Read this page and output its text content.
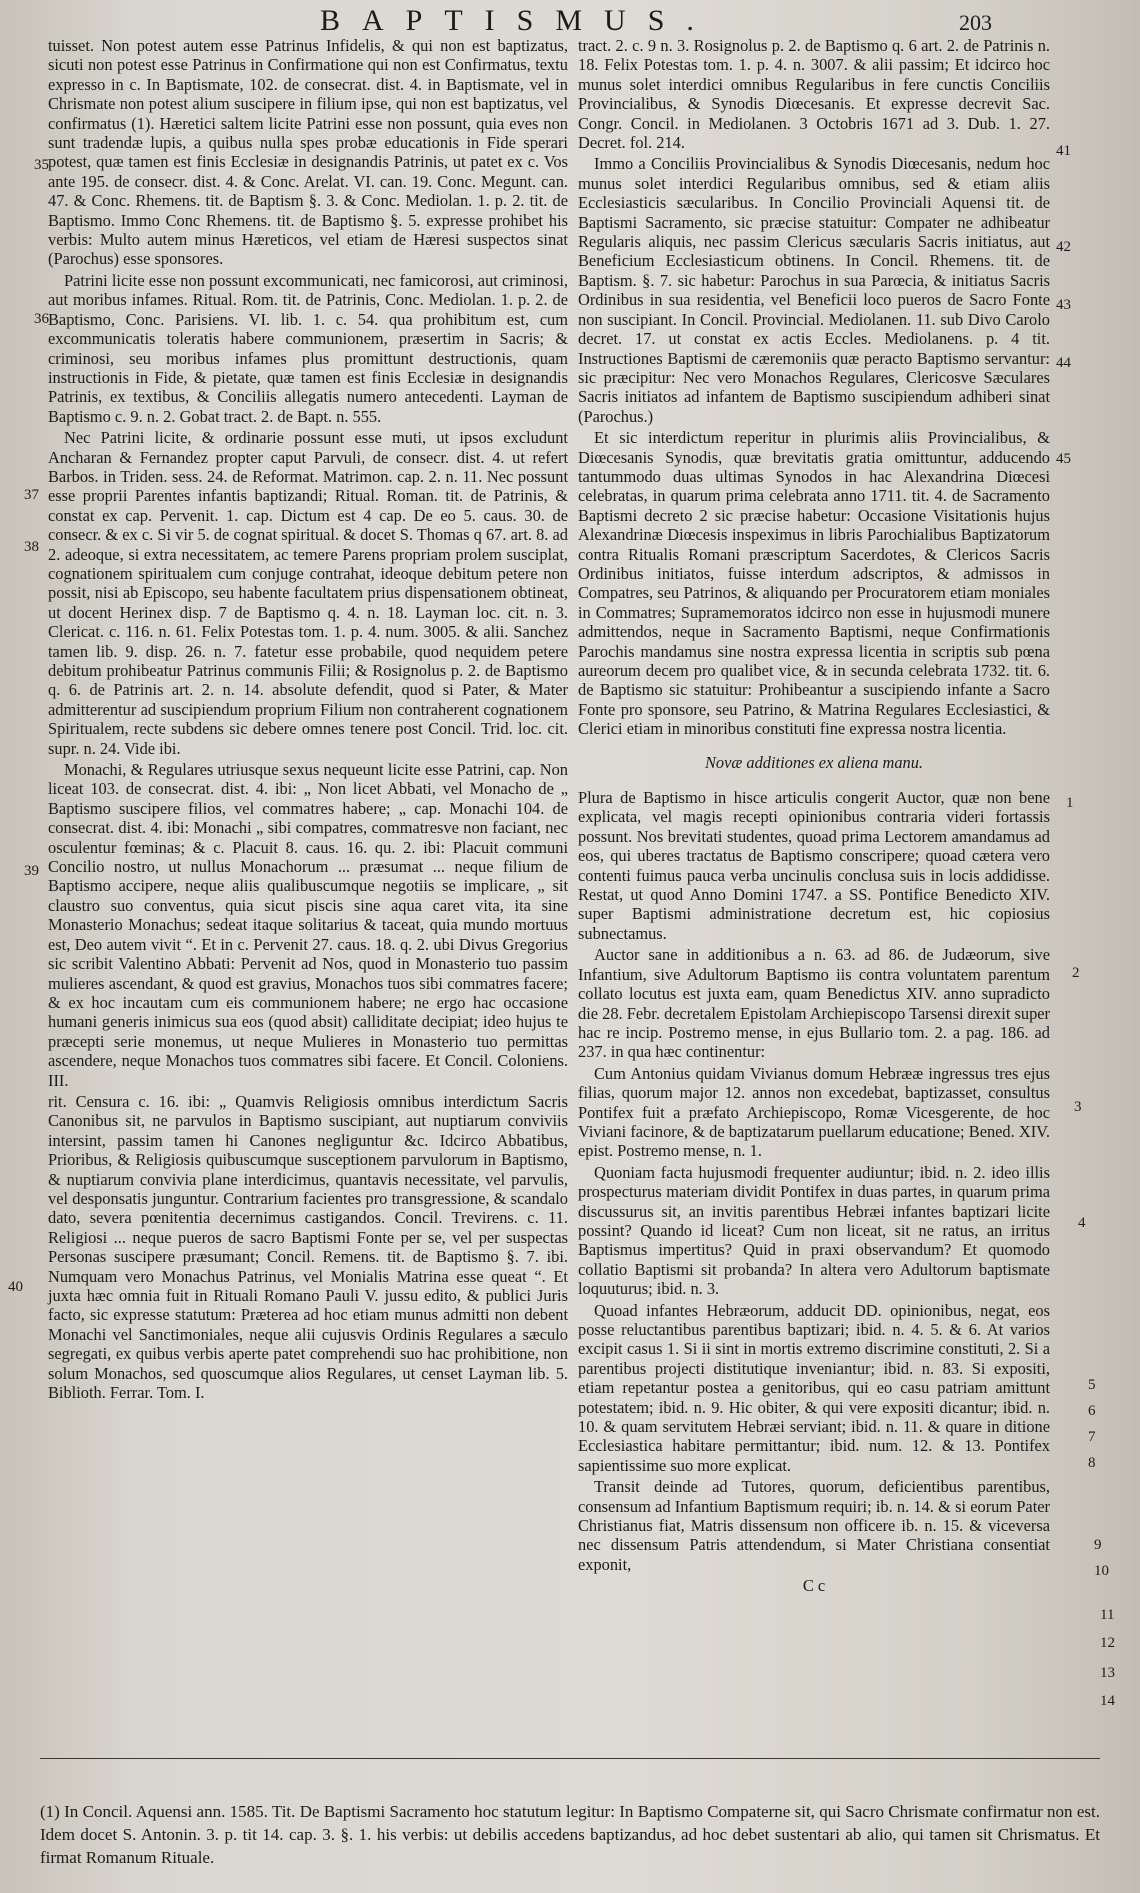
BAPTISMUS.	203

tuisset. Non potest autem esse Patrinus Infidelis, & qui non est baptizatus, sicuti non potest esse Patrinus in Confirmatione qui non est Confirmatus, textu expresso in c. In Baptismate, 102. de consecrat. dist. 4. in Baptismate, vel in Chrismate non potest alium suscipere in filium ipse, qui non est baptizatus, vel confirmatus (1). Hæretici saltem licite Patrini esse non possunt, quia eves non sunt tradendæ lupis, a quibus nulla spes probæ educationis in Fide sperari potest, quæ tamen est finis Ecclesiæ in designandis Patrinis, ut patet ex c. Vos ante 195. de consecr. dist. 4. & Conc. Arelat. VI. can. 19. Conc. Megunt. can. 47. & Conc. Rhemens. tit. de Baptism §. 3. & Conc. Mediolan. 1. p. 2. tit. de Baptismo. Immo Conc Rhemens. tit. de Baptismo §. 5. expresse prohibet his verbis: Multo autem minus Hæreticos, vel etiam de Hæresi suspectos sinat (Parochus) esse sponsores.

Patrini licite esse non possunt excommunicati, nec famicorosi, aut criminosi, aut moribus infames. Ritual. Rom. tit. de Patrinis, Conc. Mediolan. 1. p. 2. de Baptismo, Conc. Parisiens. VI. lib. 1. c. 54. qua prohibitum est, cum excommunicatis toleratis habere communionem, præsertim in Sacris; & criminosi, seu moribus infames plus promittunt destructionis, quam instructionis in Fide, & pietate, quæ tamen est finis Ecclesiæ in designandis Patrinis, ex textibus, & Conciliis allegatis numero antecedenti. Layman de Baptismo c. 9. n. 2. Gobat tract. 2. de Bapt. n. 555.

Nec Patrini licite, & ordinarie possunt esse muti, ut ipsos excludunt Ancharan & Fernandez propter caput Parvuli, de consecr. dist. 4. ut refert Barbos. in Triden. sess. 24. de Reformat. Matrimon. cap. 2. n. 11. Nec possunt esse proprii Parentes infantis baptizandi; Ritual. Roman. tit. de Patrinis, & constat ex cap. Pervenit. 1. cap. Dictum est 4 cap. De eo 5. caus. 30. de consecr. & ex c. Si vir 5. de cognat spiritual. & docet S. Thomas q 67. art. 8. ad 2. adeoque, si extra necessitatem, ac temere Parens propriam prolem susciplat, cognationem spiritualem cum conjuge contrahat, ideoque debitum petere non possit, nisi ab Episcopo, seu habente facultatem prius dispensationem obtineat, ut docent Herinex disp. 7 de Baptismo q. 4. n. 18. Layman loc. cit. n. 3. Clericat. c. 116. n. 61. Felix Potestas tom. 1. p. 4. num. 3005. & alii. Sanchez tamen lib. 9. disp. 26. n. 7. fatetur esse probabile, quod nequidem petere debitum prohibeatur Patrinus communis Filii; & Rosignolus p. 2. de Baptismo q. 6. de Patrinis art. 2. n. 14. absolute defendit, quod si Pater, & Mater admitterentur ad suscipiendum proprium Filium non contraherent cognationem Spiritualem, recte subdens sic debere omnes tenere post Concil. Trid. loc. cit. supr. n. 24. Vide ibi.

Monachi, & Regulares utriusque sexus nequeunt licite esse Patrini, cap. Non liceat 103. de consecrat. dist. 4. ibi: „ Non licet Abbati, vel Monacho de „ Baptismo suscipere filios, vel commatres habere; „ cap. Monachi 104. de consecrat. dist. 4. ibi: Monachi „ sibi compatres, commatresve non faciant, nec osculentur fœminas; & c. Placuit 8. caus. 16. qu. 2. ibi: Placuit communi Concilio nostro, ut nullus Monachorum ... præsumat ... neque filium de Baptismo accipere, neque aliis qualibuscumque negotiis se implicare, „ sit claustro suo conventus, quia sicut piscis sine aqua caret vita, ita sine Monasterio Monachus; sedeat itaque solitarius & taceat, quia mundo mortuus est, Deo autem vivit “. Et in c. Pervenit 27. caus. 18. q. 2. ubi Divus Gregorius sic scribit Valentino Abbati: Pervenit ad Nos, quod in Monasterio tuo passim mulieres ascendant, & quod est gravius, Monachos tuos sibi commatres facere; & ex hoc incautam cum eis communionem habere; ne ergo hac occasione humani generis inimicus sua eos (quod absit) calliditate decipiat; ideo hujus te præcepti serie monemus, ut neque Mulieres in Monasterio tuo permittas ascendere, neque Monachos tuos commatres sibi facere. Et Concil. Coloniens. III.

rit. Censura c. 16. ibi: „ Quamvis Religiosis omnibus interdictum Sacris Canonibus sit, ne parvulos in Baptismo suscipiant, aut nuptiarum conviviis intersint, passim tamen hi Canones negliguntur &c. Idcirco Abbatibus, Prioribus, & Religiosis quibuscumque susceptionem parvulorum in Baptismo, & nuptiarum convivia plane interdicimus, quantavis necessitate, vel parvulis, vel desponsatis junguntur. Contrarium facientes pro transgressione, & scandalo dato, severa pœnitentia decernimus castigandos. Concil. Trevirens. c. 11. Religiosi ... neque pueros de sacro Baptismi Fonte per se, vel per suspectas Personas suscipere præsumant; Concil. Remens. tit. de Baptismo §. 7. ibi. Numquam vero Monachus Patrinus, vel Monialis Matrina esse queat “. Et juxta hæc omnia fuit in Rituali Romano Pauli V. jussu edito, & publici Juris facto, sic expresse statutum: Præterea ad hoc etiam munus admitti non debent Monachi vel Sanctimoniales, neque alii cujusvis Ordinis Regulares a sæculo segregati, ex quibus verbis aperte patet comprehendi suo hac prohibitione, non solum Monachos, sed quoscumque alios Regulares, ut censet Layman lib. 5. Biblioth. Ferrar. Tom. I.

tract. 2. c. 9 n. 3. Rosignolus p. 2. de Baptismo q. 6 art. 2. de Patrinis n. 18. Felix Potestas tom. 1. p. 4. n. 3007. & alii passim; Et idcirco hoc munus solet interdici omnibus Regularibus in fere cunctis Conciliis Provincialibus, & Synodis Diœcesanis. Et expresse decrevit Sac. Congr. Concil. in Mediolanen. 3 Octobris 1671 ad 3. Dub. 1. 27. Decret. fol. 214.

Immo a Conciliis Provincialibus & Synodis Diœcesanis, nedum hoc munus solet interdici Regularibus omnibus, sed & etiam aliis Ecclesiasticis sæcularibus. In Concilio Provinciali Aquensi tit. de Baptismi Sacramento, sic præcise statuitur: Compater ne adhibeatur Regularis aliquis, nec passim Clericus sæcularis Sacris initiatus, aut Beneficium Ecclesiasticum obtinens. In Concil. Rhemens. tit. de Baptism. §. 7. sic habetur: Parochus in sua Parœcia, & initiatus Sacris Ordinibus in sua residentia, vel Beneficii loco pueros de Sacro Fonte non suscipiant. In Concil. Provincial. Mediolanen. 11. sub Divo Carolo decret. 17. ut constat ex actis Eccles. Mediolanens. p. 4 tit. Instructiones Baptismi de cæremoniis quæ peracto Baptismo servantur: sic præcipitur: Nec vero Monachos Regulares, Clericosve Sæculares Sacris initiatos ad infantem de Baptismo suscipiendum adhiberi sinat (Parochus.)

Et sic interdictum reperitur in plurimis aliis Provincialibus, & Diœcesanis Synodis, quæ brevitatis gratia omittuntur, adducendo tantummodo duas ultimas Synodos in hac Alexandrina Diœcesi celebratas, in quarum prima celebrata anno 1711. tit. 4. de Sacramento Baptismi decreto 2 sic præcise habetur: Occasione Visitationis hujus Alexandrinæ Diœcesis inspeximus in libris Parochialibus Baptizatorum contra Ritualis Romani præscriptum Sacerdotes, & Clericos Sacris Ordinibus initiatos, fuisse interdum adscriptos, & admissos in Compatres, seu Patrinos, & aliquando per Procuratorem etiam moniales in Commatres; Supramemoratos idcirco non esse in hujusmodi munere admittendos, neque in Sacramento Baptismi, neque Confirmationis Parochis mandamus sine nostra expressa licentia in scriptis sub pœna aureorum decem pro qualibet vice, & in secunda celebrata 1732. tit. 6. de Baptismo sic statuitur: Prohibeantur a suscipiendo infante a Sacro Fonte pro sponsore, seu Patrino, & Matrina Regulares Ecclesiastici, & Clerici etiam in minoribus constituti fine expressa nostra licentia.

Novæ additiones ex aliena manu.

Plura de Baptismo in hisce articulis congerit Auctor, quæ non bene explicata, vel magis recepti opinionibus contraria videri fortassis possunt. Nos brevitati studentes, quoad prima Lectorem amandamus ad eos, qui uberes tractatus de Baptismo conscripere; quoad cætera vero contenti fuimus pauca verba uncinulis conclusa suis in locis addidisse. Restat, ut quod Anno Domini 1747. a SS. Pontifice Benedicto XIV. super Baptismi administratione decretum est, hic copiosius subnectamus.

Auctor sane in additionibus a n. 63. ad 86. de Judæorum, sive Infantium, sive Adultorum Baptismo iis contra voluntatem parentum collato locutus est juxta eam, quam Benedictus XIV. anno supradicto die 28. Febr. decretalem Epistolam Archiepiscopo Tarsensi direxit super hac re incip. Postremo mense, in ejus Bullario tom. 2. a pag. 186. ad 237. in qua hæc continentur:

Cum Antonius quidam Vivianus domum Hebrææ ingressus tres ejus filias, quorum major 12. annos non excedebat, baptizasset, consultus Pontifex fuit a præfato Archiepiscopo, Romæ Vicesgerente, de hoc Viviani facinore, & de baptizatarum puellarum educatione; Bened. XIV. epist. Postremo mense, n. 1.

Quoniam facta hujusmodi frequenter audiuntur; ibid. n. 2. ideo illis prospecturus materiam dividit Pontifex in duas partes, in quarum prima discussurus sit, an invitis parentibus Hebræi infantes baptizari licite possint? Quando id liceat? Cum non liceat, sit ne ratus, an irritus Baptismus impertitus? Quid in praxi observandum? Et quomodo collatio Baptismi sit probanda? In altera vero Adultorum baptismate loquuturus; ibid. n. 3.

Quoad infantes Hebræorum, adducit DD. opinionibus, negat, eos posse reluctantibus parentibus baptizari; ibid. n. 4. 5. & 6. At varios excipit casus 1. Si ii sint in mortis extremo discrimine constituti, 2. Si a parentibus projecti distitutique inveniantur; ibid. n. 83. Si expositi, etiam repetantur postea a genitoribus, qui eo casu patriam amittunt potestatem; ibid. n. 9. Hic obiter, & qui vere expositi dicantur; ibid. n. 10. & quam servitutem Hebræi serviant; ibid. n. 11. & quare in ditione Ecclesiastica habitare permittantur; ibid. num. 12. & 13. Pontifex sapientissime suo more explicat.

Transit deinde ad Tutores, quorum, deficientibus parentibus, consensum ad Infantium Baptismum requiri; ib. n. 14. & si eorum Pater Christianus fiat, Matris dissensum non officere ib. n. 15. & viceversa nec dissensum Patris attendendum, si Mater Christiana consentiat exponit,

C c
35
36
37
38
39
40
41
42
43
44
45
1
2
3
4
5
6
7
8
9
10
11
12
13
14
(1) In Concil. Aquensi ann. 1585. Tit. De Baptismi Sacramento hoc statutum legitur: In Baptismo Compaterne sit, qui Sacro Chrismate confirmatur non est. Idem docet S. Antonin. 3. p. tit 14. cap. 3. §. 1. his verbis: ut debilis accedens baptizandus, ad hoc debet sustentari ab alio, qui tamen sit Chrismatus. Et firmat Romanum Rituale.
